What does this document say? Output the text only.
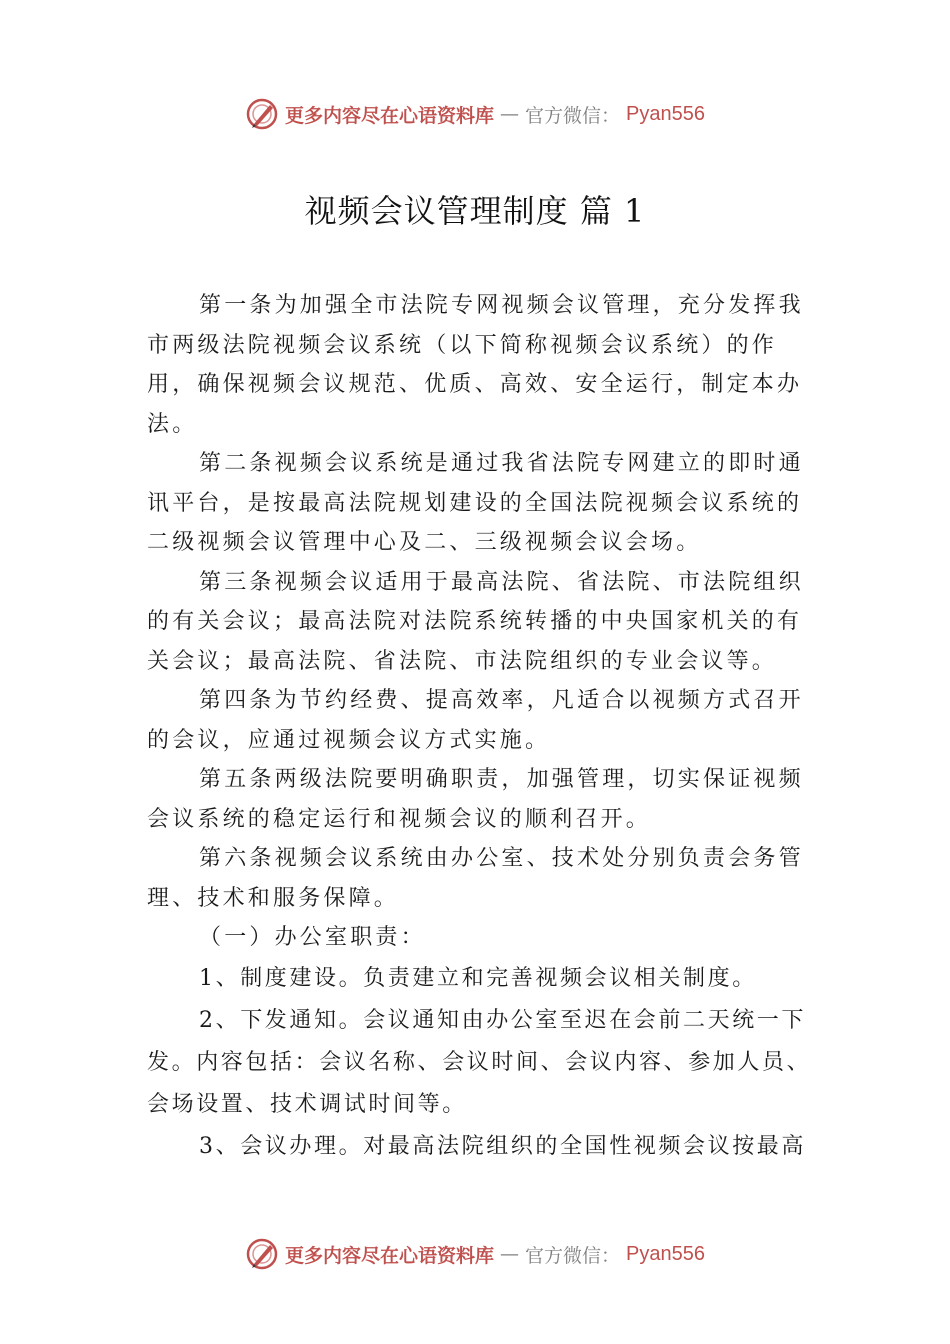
更多内容尽在心语资料库 — 官方微信： Pyan556
视频会议管理制度 篇 1

第一条为加强全市法院专网视频会议管理，充分发挥我市两级法院视频会议系统（以下简称视频会议系统）的作用，确保视频会议规范、优质、高效、安全运行，制定本办法。

第二条视频会议系统是通过我省法院专网建立的即时通讯平台，是按最高法院规划建设的全国法院视频会议系统的二级视频会议管理中心及二、三级视频会议会场。

第三条视频会议适用于最高法院、省法院、市法院组织的有关会议；最高法院对法院系统转播的中央国家机关的有关会议；最高法院、省法院、市法院组织的专业会议等。

第四条为节约经费、提高效率，凡适合以视频方式召开的会议，应通过视频会议方式实施。

第五条两级法院要明确职责，加强管理，切实保证视频会议系统的稳定运行和视频会议的顺利召开。

第六条视频会议系统由办公室、技术处分别负责会务管理、技术和服务保障。

（一）办公室职责：

1、制度建设。负责建立和完善视频会议相关制度。

2、下发通知。会议通知由办公室至迟在会前二天统一下发。内容包括：会议名称、会议时间、会议内容、参加人员、会场设置、技术调试时间等。

3、会议办理。对最高法院组织的全国性视频会议按最高

更多内容尽在心语资料库 — 官方微信： Pyan556
